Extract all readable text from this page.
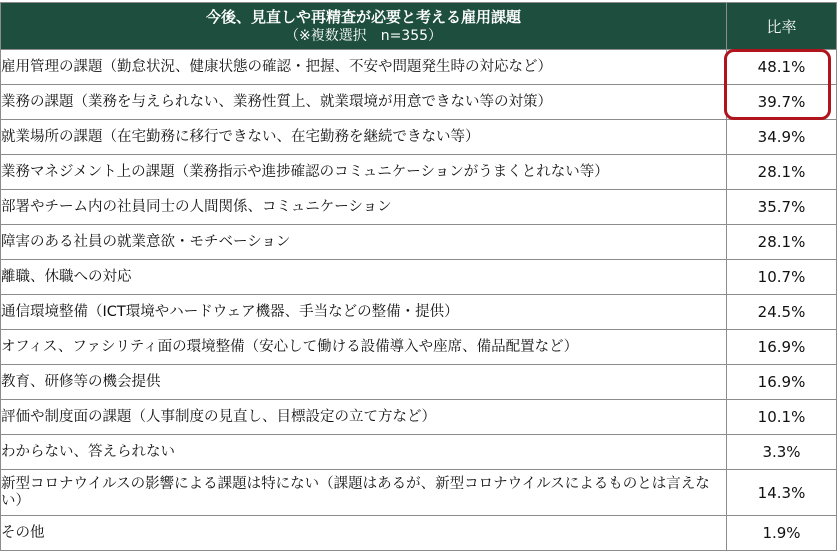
今後、見直しや再精査が必要と考える雇用課題
（※複数選択　n=355）	比率
雇用管理の課題（勤怠状況、健康状態の確認・把握、不安や問題発生時の対応など）	48.1%
業務の課題（業務を与えられない、業務性質上、就業環境が用意できない等の対策）	39.7%
就業場所の課題（在宅勤務に移行できない、在宅勤務を継続できない等）	34.9%
業務マネジメント上の課題（業務指示や進捗確認のコミュニケーションがうまくとれない等）	28.1%
部署やチーム内の社員同士の人間関係、コミュニケーション	35.7%
障害のある社員の就業意欲・モチベーション	28.1%
離職、休職への対応	10.7%
通信環境整備（ICT環境やハードウェア機器、手当などの整備・提供）	24.5%
オフィス、ファシリティ面の環境整備（安心して働ける設備導入や座席、備品配置など）	16.9%
教育、研修等の機会提供	16.9%
評価や制度面の課題（人事制度の見直し、目標設定の立て方など）	10.1%
わからない、答えられない	3.3%
新型コロナウイルスの影響による課題は特にない（課題はあるが、新型コロナウイルスによるものとは言えない）	14.3%
その他	1.9%
